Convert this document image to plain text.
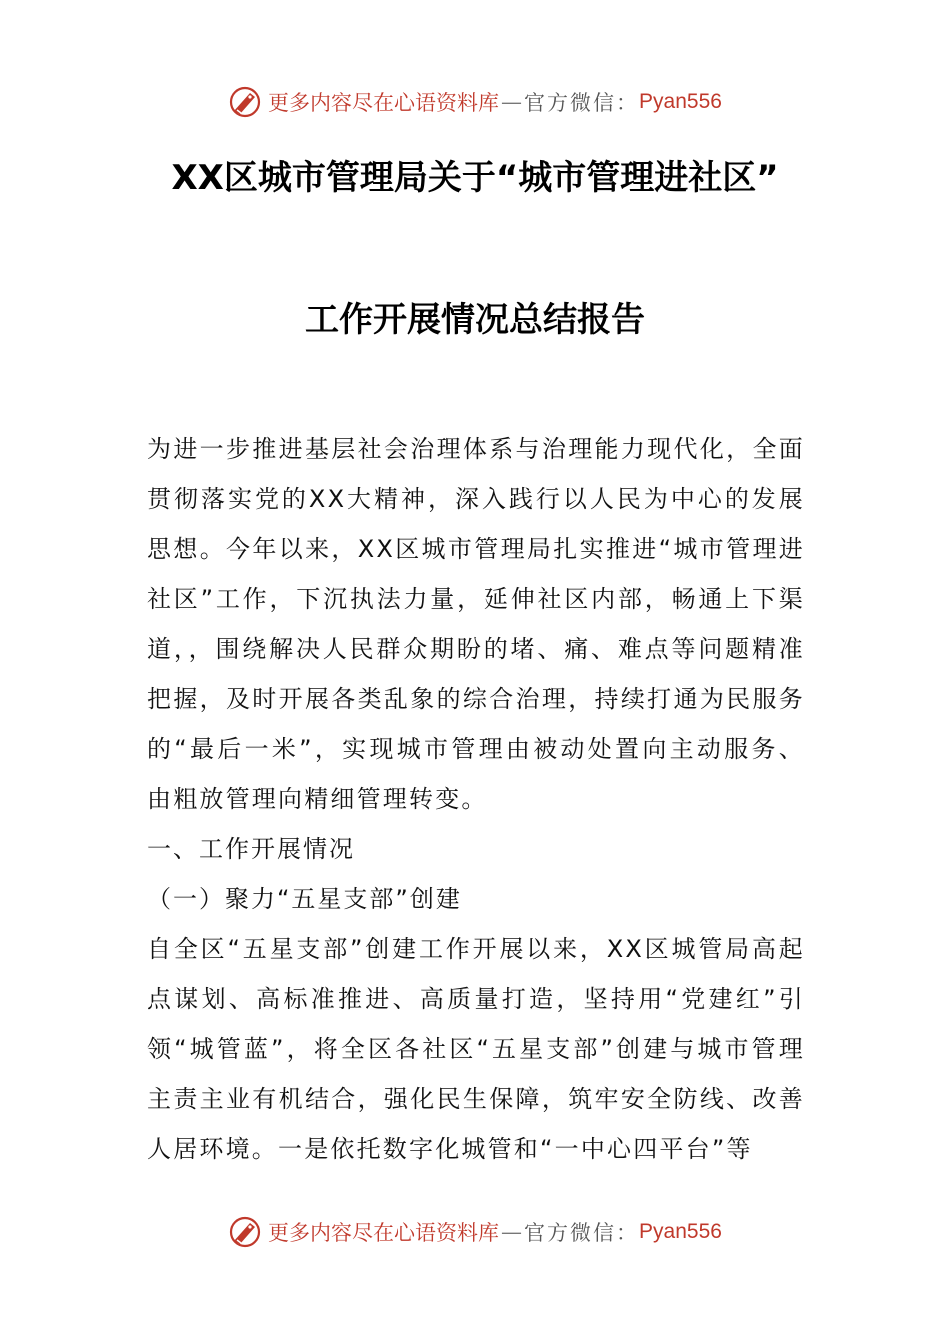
更多内容尽在心语资料库 — 官方微信： Pyan556
XX区城市管理局关于“城市管理进社区”
工作开展情况总结报告

为进一步推进基层社会治理体系与治理能力现代化，全面贯彻落实党的XX大精神，深入践行以人民为中心的发展思想。今年以来，XX区城市管理局扎实推进“城市管理进社区”工作，下沉执法力量，延伸社区内部，畅通上下渠道，，围绕解决人民群众期盼的堵、痛、难点等问题精准把握，及时开展各类乱象的综合治理，持续打通为民服务的“最后一米”，实现城市管理由被动处置向主动服务、由粗放管理向精细管理转变。

一、工作开展情况

（一）聚力“五星支部”创建

自全区“五星支部”创建工作开展以来，XX区城管局高起点谋划、高标准推进、高质量打造，坚持用“党建红”引领“城管蓝”，将全区各社区“五星支部”创建与城市管理主责主业有机结合，强化民生保障，筑牢安全防线、改善人居环境。一是依托数字化城管和“一中心四平台”等

更多内容尽在心语资料库 — 官方微信： Pyan556
